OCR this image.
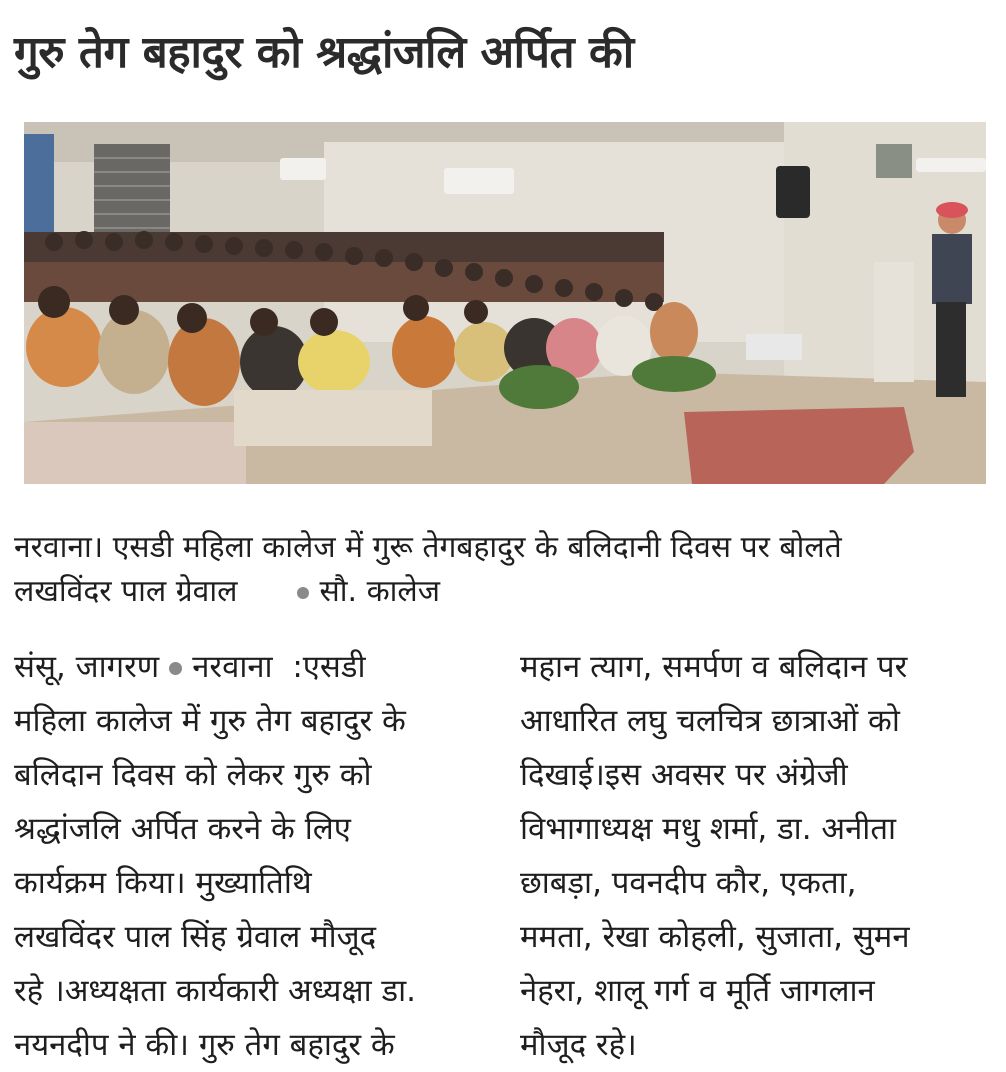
गुरु तेग बहादुर को श्रद्धांजलि अर्पित की
नरवाना। एसडी महिला कालेज में गुरू तेगबहादुर के बलिदानी दिवस पर बोलते
लखविंदर पाल ग्रेवाल	सौ. कालेज
संसू, जागरण नरवाना :एसडी
महिला कालेज में गुरु तेग बहादुर के
बलिदान दिवस को लेकर गुरु को
श्रद्धांजलि अर्पित करने के लिए
कार्यक्रम किया। मुख्यातिथि
लखविंदर पाल सिंह ग्रेवाल मौजूद
रहे ।अध्यक्षता कार्यकारी अध्यक्षा डा.
नयनदीप ने की। गुरु तेग बहादुर के
महान त्याग, समर्पण व बलिदान पर
आधारित लघु चलचित्र छात्राओं को
दिखाई।इस अवसर पर अंग्रेजी
विभागाध्यक्ष मधु शर्मा, डा. अनीता
छाबड़ा, पवनदीप कौर, एकता,
ममता, रेखा कोहली, सुजाता, सुमन
नेहरा, शालू गर्ग व मूर्ति जागलान
मौजूद रहे।
